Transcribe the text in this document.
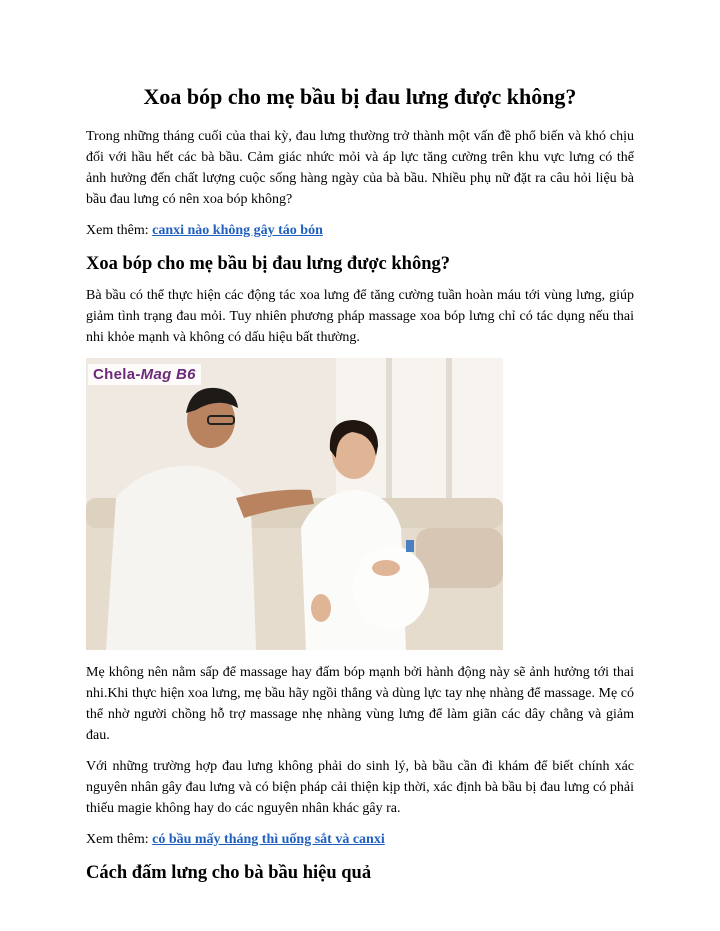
Xoa bóp cho mẹ bầu bị đau lưng được không?

Trong những tháng cuối của thai kỳ, đau lưng thường trở thành một vấn đề phổ biến và khó chịu đối với hầu hết các bà bầu. Cảm giác nhức mỏi và áp lực tăng cường trên khu vực lưng có thể ảnh hưởng đến chất lượng cuộc sống hàng ngày của bà bầu. Nhiều phụ nữ đặt ra câu hỏi liệu bà bầu đau lưng có nên xoa bóp không?

Xem thêm: canxi nào không gây táo bón

Xoa bóp cho mẹ bầu bị đau lưng được không?

Bà bầu có thể thực hiện các động tác xoa lưng để tăng cường tuần hoàn máu tới vùng lưng, giúp giảm tình trạng đau mỏi. Tuy nhiên phương pháp massage xoa bóp lưng chỉ có tác dụng nếu thai nhi khỏe mạnh và không có dấu hiệu bất thường.

Chela-Mag B6

Mẹ không nên nằm sấp để massage hay đấm bóp mạnh bởi hành động này sẽ ảnh hưởng tới thai nhi.Khi thực hiện xoa lưng, mẹ bầu hãy ngồi thẳng và dùng lực tay nhẹ nhàng để massage. Mẹ có thể nhờ người chồng hỗ trợ massage nhẹ nhàng vùng lưng để làm giãn các dây chằng và giảm đau.

Với những trường hợp đau lưng không phải do sinh lý, bà bầu cần đi khám để biết chính xác nguyên nhân gây đau lưng và có biện pháp cải thiện kịp thời, xác định bà bầu bị đau lưng có phải thiếu magie không hay do các nguyên nhân khác gây ra.

Xem thêm: có bầu mấy tháng thì uống sắt và canxi

Cách đấm lưng cho bà bầu hiệu quả
